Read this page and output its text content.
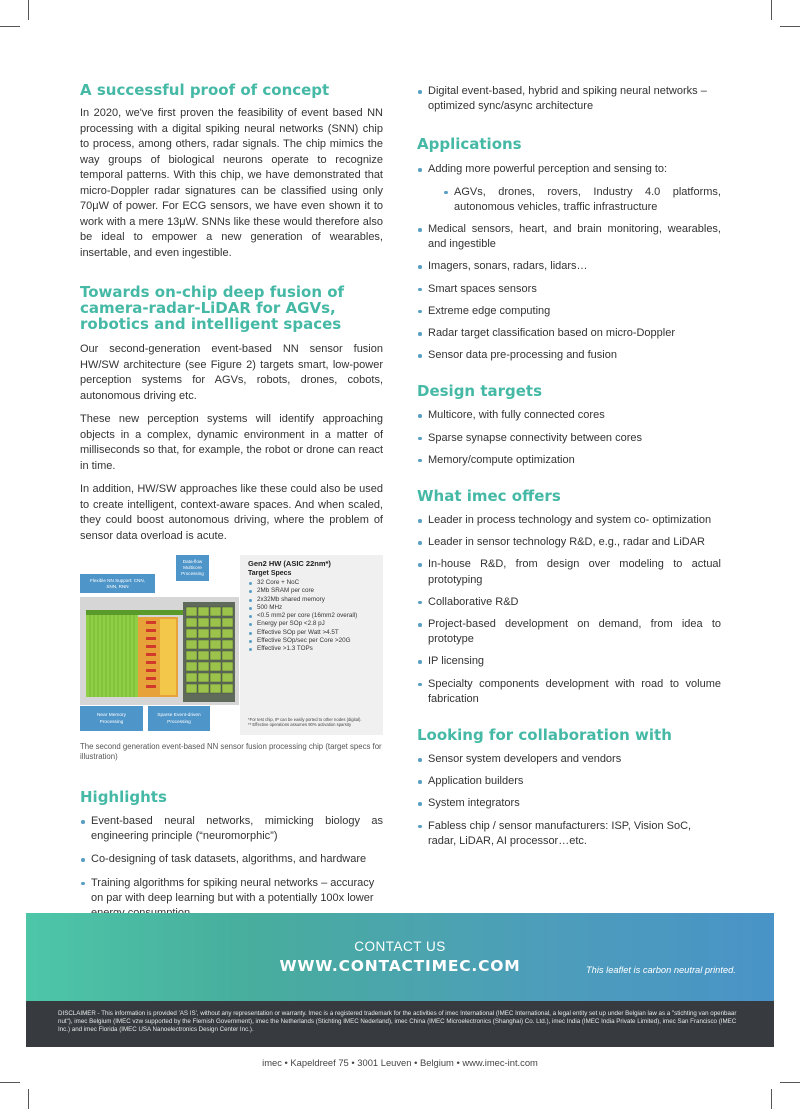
A successful proof of concept

In 2020, we've first proven the feasibility of event based NN processing with a digital spiking neural networks (SNN) chip to process, among others, radar signals. The chip mimics the way groups of biological neurons operate to recognize temporal patterns. With this chip, we have demonstrated that micro-Doppler radar signatures can be classified using only 70μW of power. For ECG sensors, we have even shown it to work with a mere 13μW. SNNs like these would therefore also be ideal to empower a new generation of wearables, insertable, and even ingestible.

Towards on-chip deep fusion of camera-radar-LiDAR for AGVs, robotics and intelligent spaces

Our second-generation event-based NN sensor fusion HW/SW architecture (see Figure 2) targets smart, low-power perception systems for AGVs, robots, drones, cobots, autonomous driving etc.

These new perception systems will identify approaching objects in a complex, dynamic environment in a matter of milliseconds so that, for example, the robot or drone can react in time.

In addition, HW/SW approaches like these could also be used to create intelligent, context-aware spaces. And when scaled, they could boost autonomous driving, where the problem of sensor data overload is acute.

Data-flow
Multicore
Processing
Flexible NN Support: CNN,
SNN, RNN
Near Memory
Processing
Sparse Event-driven
Processing
Gen2 HW (ASIC 22nm*)
Target Specs
32 Core + NoC
2Mb SRAM per core
2x32Mb shared memory
500 MHz
<0.5 mm2 per core (16mm2 overall)
Energy per SOp <2.8 pJ
Effective SOp per Watt >4.5T
Effective SOp/sec per Core >20G
Effective >1.3 TOPs
*For test chip, IP can be easily ported to other nodes (digital).
** Effective operations assumes 90% activation sparsity
The second generation event-based NN sensor fusion processing chip (target specs for illustration)
Highlights
Event-based neural networks, mimicking biology as engineering principle (“neuromorphic”)
Co-designing of task datasets, algorithms, and hardware
Training algorithms for spiking neural networks – accuracy on par with deep learning but with a potentially 100x lower
Digital event-based, hybrid and spiking neural networks – optimized sync/async architecture
Applications
Adding more powerful perception and sensing to:
AGVs, drones, rovers, Industry 4.0 platforms, autonomous vehicles, traffic infrastructure
Medical sensors, heart, and brain monitoring, wearables, and ingestible
Imagers, sonars, radars, lidars…
Smart spaces sensors
Extreme edge computing
Radar target classification based on micro-Doppler
Sensor data pre-processing and fusion
Design targets
Multicore, with fully connected cores
Sparse synapse connectivity between cores
Memory/compute optimization
What imec offers
Leader in process technology and system co- optimization
Leader in sensor technology R&D, e.g., radar and LiDAR
In-house R&D, from design over modeling to actual prototyping
Collaborative R&D
Project-based development on demand, from idea to prototype
IP licensing
Specialty components development with road to volume fabrication
Looking for collaboration with
Sensor system developers and vendors
Application builders
System integrators
Fabless chip / sensor manufacturers: ISP, Vision SoC, radar, LiDAR, AI processor…etc.
CONTACT US
WWW.CONTACTIMEC.COM	This leaflet is carbon neutral printed.
DISCLAIMER - This information is provided 'AS IS', without any representation or warranty. Imec is a registered trademark for the activities of imec International (IMEC International, a legal entity set up under Belgian law as a "stichting van openbaar nut"), imec Belgium (IMEC vzw supported by the Flemish Government), imec the Netherlands (Stichting IMEC Nederland), imec China (IMEC Microelectronics (Shanghai) Co. Ltd.), imec India (IMEC India Private Limited), imec San Francisco (IMEC Inc.) and imec Florida (IMEC USA Nanoelectronics Design Center Inc.).
imec • Kapeldreef 75 • 3001 Leuven • Belgium • www.imec-int.com
